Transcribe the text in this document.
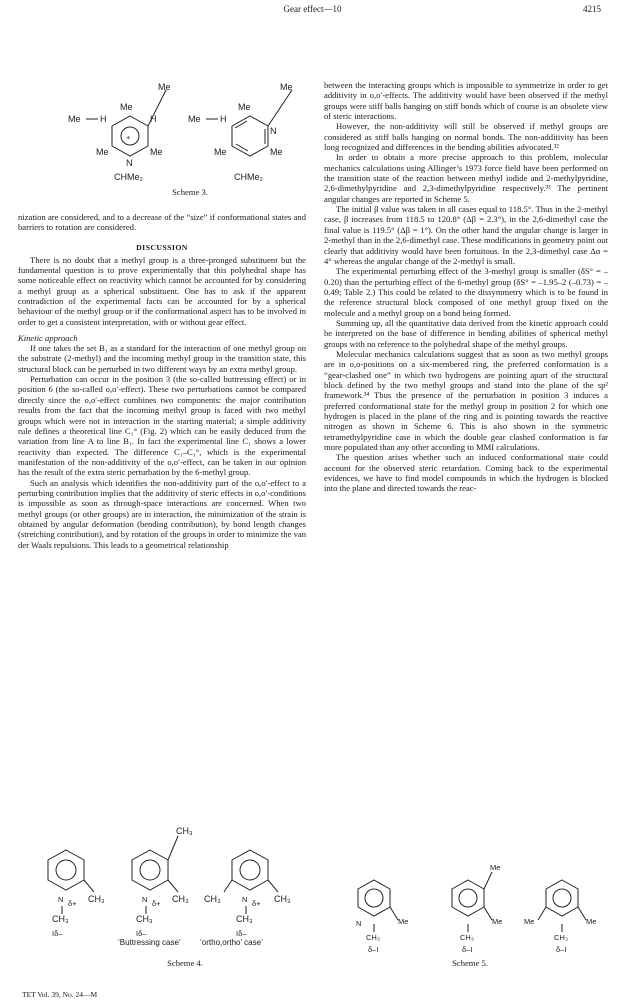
Gear effect—10	4215
+
Me
Me
Me H	H
N
Me	Me
CHMe₂
Me
Me
Me H
N
Me	Me
CHMe₂
Scheme 3.

nization are considered, and to a decrease of the “size” if conformational states and barriers to rotation are considered.

DISCUSSION

There is no doubt that a methyl group is a three-pronged substituent but the fundamental question is to prove experimentally that this polyhedral shape has some noticeable effect on reactivity which cannot be accounted for by considering a methyl group as a spherical substituent. One has to ask if the apparent contradiction of the experimental facts can be accounted for by a spherical behaviour of the methyl group or if the conformational aspect has to be involved in order to get a consistent interpretation, with or without gear effect.

Kinetic approach

If one takes the set B₁ as a standard for the interaction of one methyl group on the substrate (2-methyl) and the incoming methyl group in the transition state, this structural block can be perturbed in two different ways by an extra methyl group.

Perturbation can occur in the position 3 (the so-called buttressing effect) or in position 6 (the so-called o,o′-effect). These two perturbations cannot be compared directly since the o,o′-effect combines two components: the major contribution results from the fact that the incoming methyl group is faced with two methyl groups which were not in interaction in the starting material; a simple additivity rule defines a theoretical line C₁° (Fig. 2) which can be easily deduced from the variation from line A to line B₁. In fact the experimental line C₁ shows a lower reactivity than expected. The difference C₁–C₁°, which is the experimental manifestation of the non-additivity of the o,o′-effect, can be taken in our opinion has the result of the extra steric perturbation by the 6-methyl group.

Such an analysis which identifies the non-additivity part of the o,o′-effect to a perturbing contribution implies that the additivity of steric effects in o,o′-conditions is impossible as soon as through-space interactions are concerned. When two methyl groups (or other groups) are in interaction, the minimization of the strain is obtained by angular deformation (bending contribution), by bond length changes (stretching contribution), and by rotation of the groups in order to minimize the van der Waals repulsions. This leads to a geometrical relationship

between the interacting groups which is impossible to symmetrize in order to get additivity in o,o′-effects. The additivity would have been observed if the methyl groups were stiff balls hanging on stiff bonds which of course is an obsolete view of steric interactions.

However, the non-additivity will still be observed if methyl groups are considered as stiff balls hanging on normal bonds. The non-additivity has been long recognized and differences in the bending abilities advocated.³²

In order to obtain a more precise approach to this problem, molecular mechanics calculations using Allinger’s 1973 force field have been performed on the transition state of the reaction between methyl iodide and 2-methylpyridine, 2,6-dimethylpyridine and 2,3-dimethylpyridine respectively.³³ The pertinent angular changes are reported in Scheme 5.

The initial β value was taken in all cases equal to 118.5°. Thus in the 2-methyl case, β increases from 118.5 to 120.8° (Δβ = 2.3°), in the 2,6-dimethyl case the final value is 119.5° (Δβ = 1°). On the other hand the angular change is larger in 2-methyl than in the 2,6-dimethyl case. These modifications in geometry point out clearly that additivity would have been fortuitous. In the 2,3-dimethyl case Δα = 4° whereas the angular change of the 2-methyl is small.

The experimental perturbing effect of the 3-methyl group is smaller (δS° = –0.20) than the perturbing effect of the 6-methyl group (δS° = –1.95–2 (–0.73) = –0.49; Table 2.) This could be related to the dissymmetry which is to be found in the reference structural block composed of one methyl group fixed on the molecule and a methyl group on a bond being formed.

Summing up, all the quantitative data derived from the kinetic approach could be interpreted on the base of difference in bending abilities of spherical methyl groups with no reference to the polyhedral shape of the methyl groups.

Molecular mechanics calculations suggest that as soon as two methyl groups are in o,o-positions on a six-membered ring, the preferred conformation is a “gear-clashed one” in which two hydrogens are pointing apart of the structural block defined by the two methyl groups and stand into the plane of the sp² framework.³⁴ Thus the presence of the perturbation in position 3 induces a preferred conformational state for the methyl group in position 2 for which one hydrogen is placed in the plane of the ring and is pointing towards the reactive nitrogen as shown in Scheme 6. This is also shown in the symmetric tetramethylpyridine case in which the double gear clashed conformation is far more populated than any other according to MMI calculations.

The question arises whether such an induced conformational state could account for the observed steric retardation. Coming back to the experimental evidences, we have to find model compounds in which the hydrogen is blocked into the plane and directed towards the reac-

N δ+ CH₃
CH₃
Iδ–
CH₃
N δ+ CH₃
CH₃
Iδ–
CH₃	N δ+ CH₃
CH₃
Iδ–
‘Buttressing case’ ‘ortho,ortho’ case’
Scheme 4.
N	Me
CH₃
δ–I
Me
Me
CH₃
δ–I
Me	Me
CH₃
δ–I
Scheme 5.
TET Vol. 39, No. 24—M
